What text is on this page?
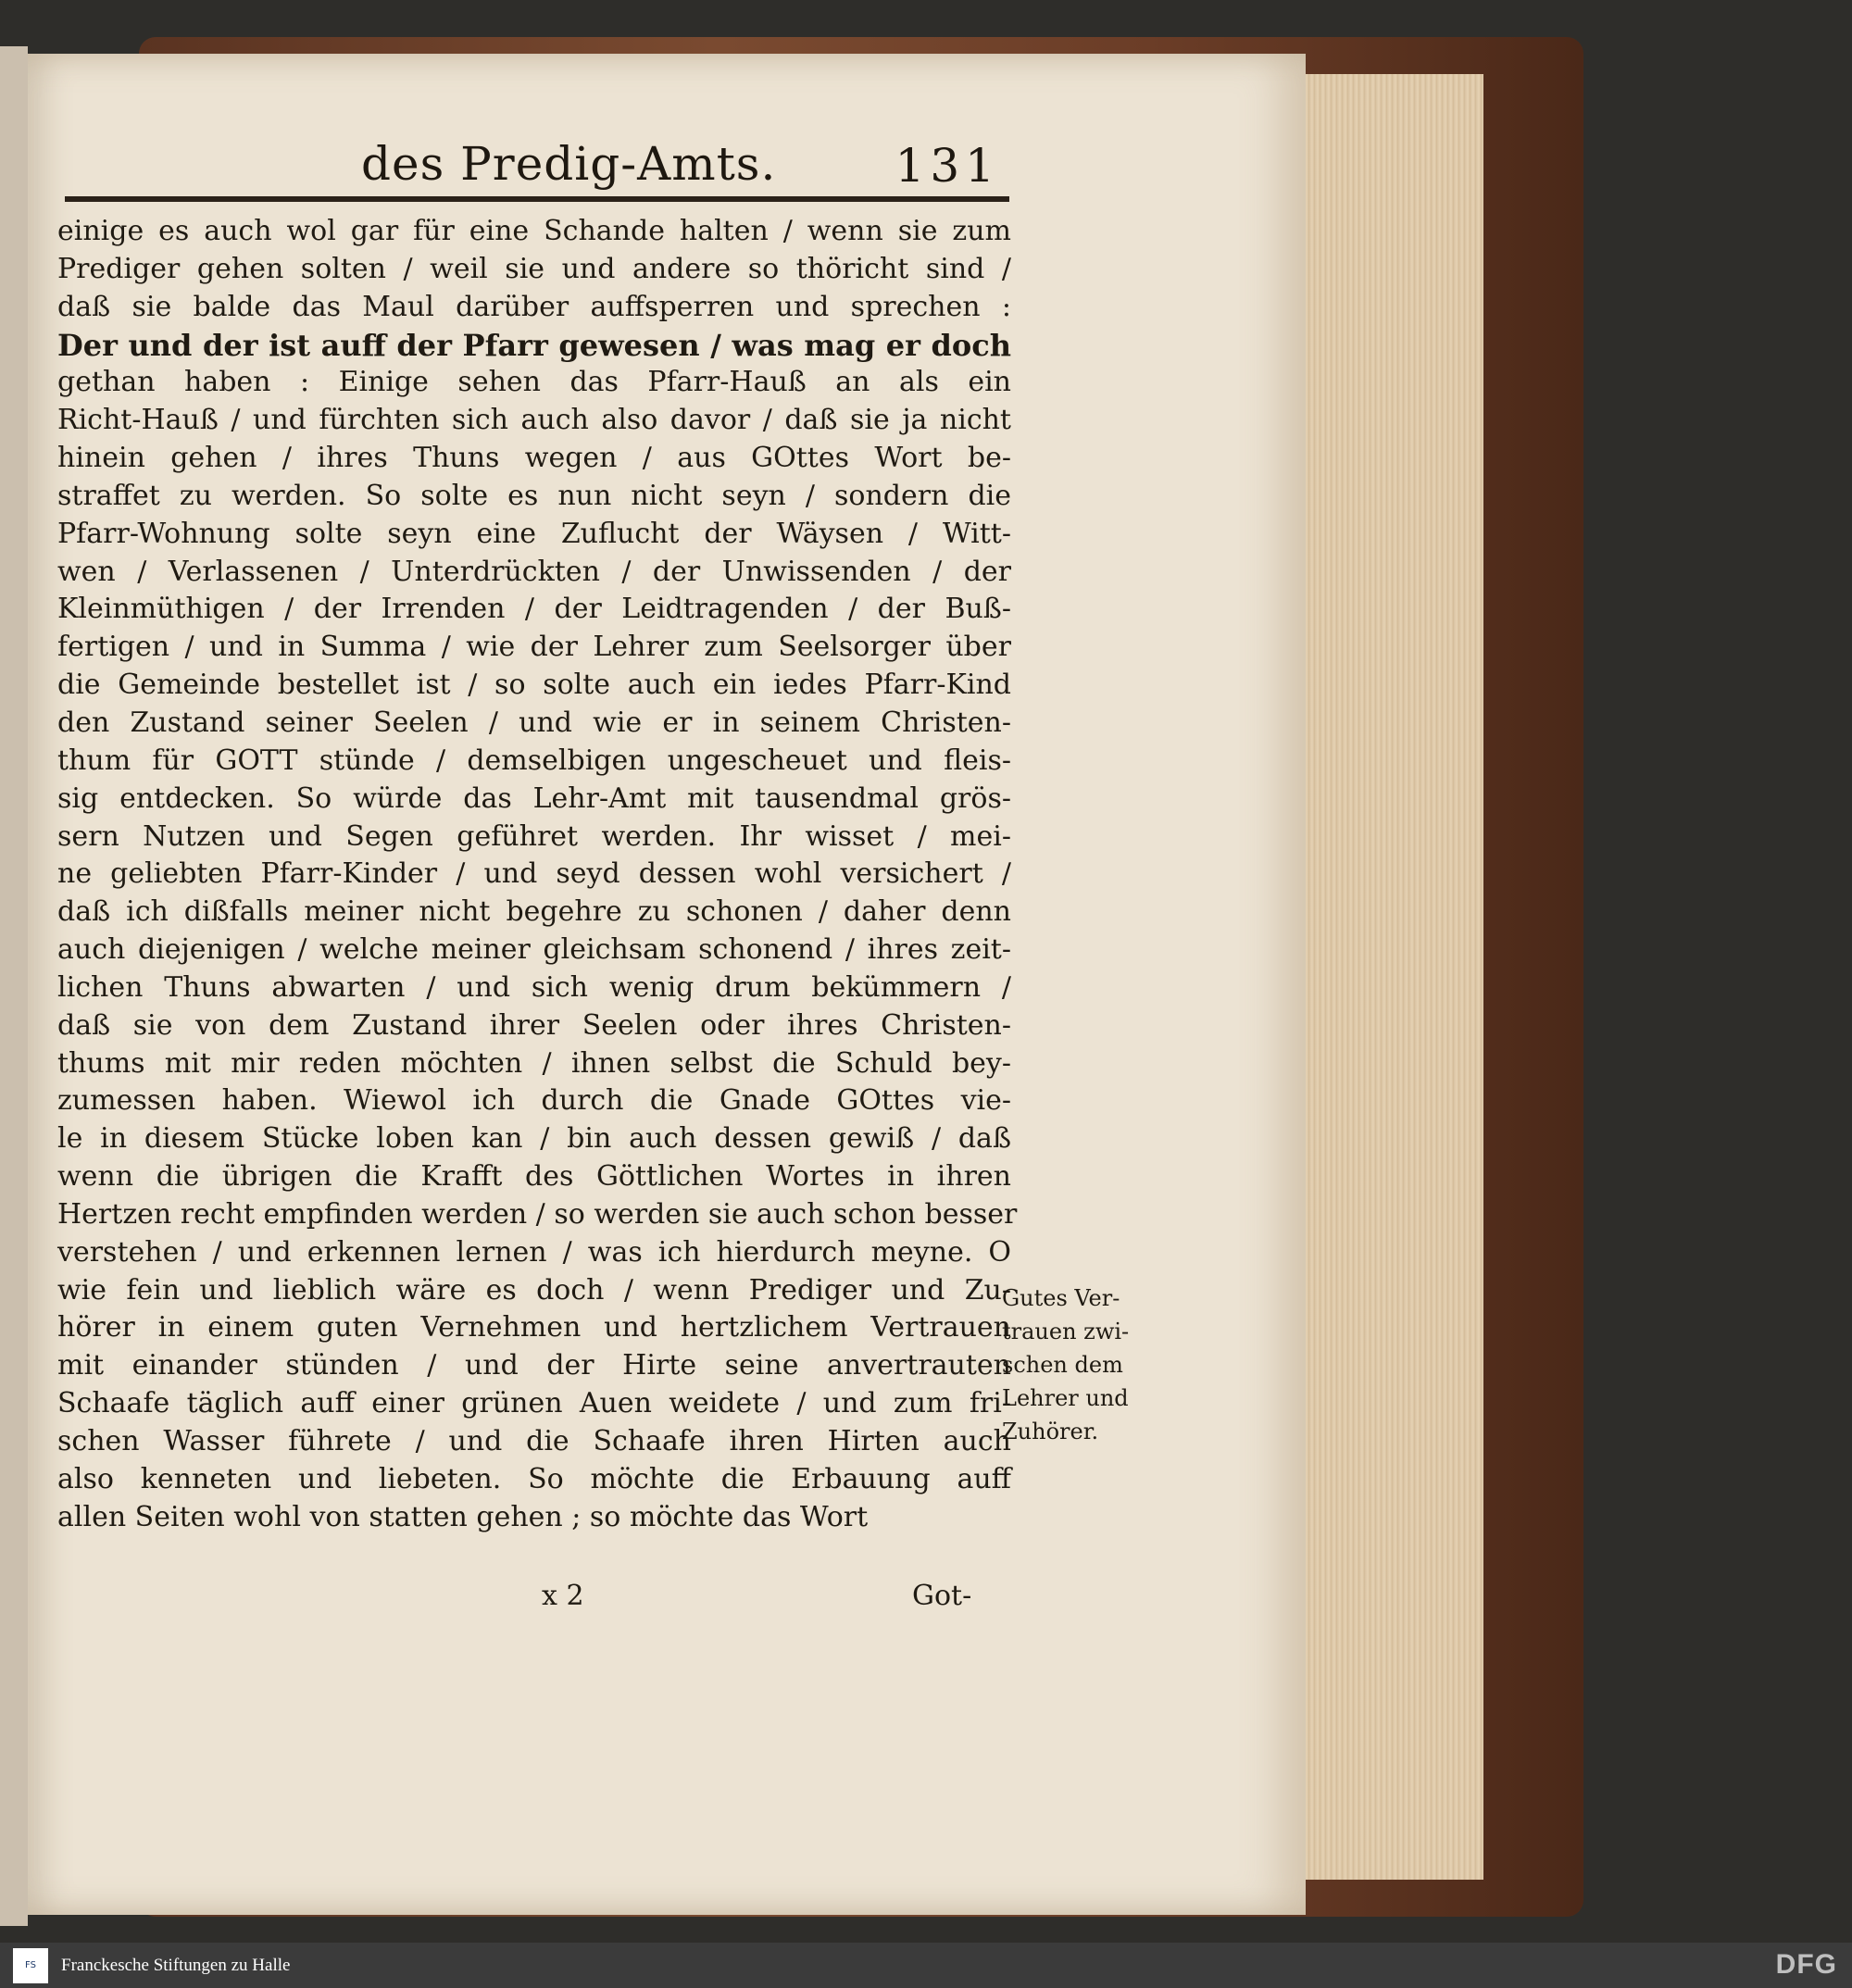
des Predig-Amts.	131
einige es auch wol gar für eine Schande halten / wenn sie zum
Prediger gehen solten / weil sie und andere so thöricht sind /
daß sie balde das Maul darüber auffsperren und sprechen :
Der und der ist auff der Pfarr gewesen / was mag er doch
gethan haben : Einige sehen das Pfarr-Hauß an als ein
Richt-Hauß / und fürchten sich auch also davor / daß sie ja nicht
hinein gehen / ihres Thuns wegen / aus GOttes Wort be-
straffet zu werden. So solte es nun nicht seyn / sondern die
Pfarr-Wohnung solte seyn eine Zuflucht der Wäysen / Witt-
wen / Verlassenen / Unterdrückten / der Unwissenden / der
Kleinmüthigen / der Irrenden / der Leidtragenden / der Buß-
fertigen / und in Summa / wie der Lehrer zum Seelsorger über
die Gemeinde bestellet ist / so solte auch ein iedes Pfarr-Kind
den Zustand seiner Seelen / und wie er in seinem Christen-
thum für GOTT stünde / demselbigen ungescheuet und fleis-
sig entdecken. So würde das Lehr-Amt mit tausendmal grös-
sern Nutzen und Segen geführet werden. Ihr wisset / mei-
ne geliebten Pfarr-Kinder / und seyd dessen wohl versichert /
daß ich dißfalls meiner nicht begehre zu schonen / daher denn
auch diejenigen / welche meiner gleichsam schonend / ihres zeit-
lichen Thuns abwarten / und sich wenig drum bekümmern /
daß sie von dem Zustand ihrer Seelen oder ihres Christen-
thums mit mir reden möchten / ihnen selbst die Schuld bey-
zumessen haben. Wiewol ich durch die Gnade GOttes vie-
le in diesem Stücke loben kan / bin auch dessen gewiß / daß
wenn die übrigen die Krafft des Göttlichen Wortes in ihren
Hertzen recht empfinden werden / so werden sie auch schon besser
verstehen / und erkennen lernen / was ich hierdurch meyne. O
wie fein und lieblich wäre es doch / wenn Prediger und Zu-
hörer in einem guten Vernehmen und hertzlichem Vertrauen
mit einander stünden / und der Hirte seine anvertrauten
Schaafe täglich auff einer grünen Auen weidete / und zum fri-
schen Wasser führete / und die Schaafe ihren Hirten auch
also kenneten und liebeten. So möchte die Erbauung auff
allen Seiten wohl von statten gehen ; so möchte das Wort
Gutes Ver-
trauen zwi-
schen dem
Lehrer und
Zuhörer.
x 2	Got-
FS	Franckesche Stiftungen zu Halle	DFG
